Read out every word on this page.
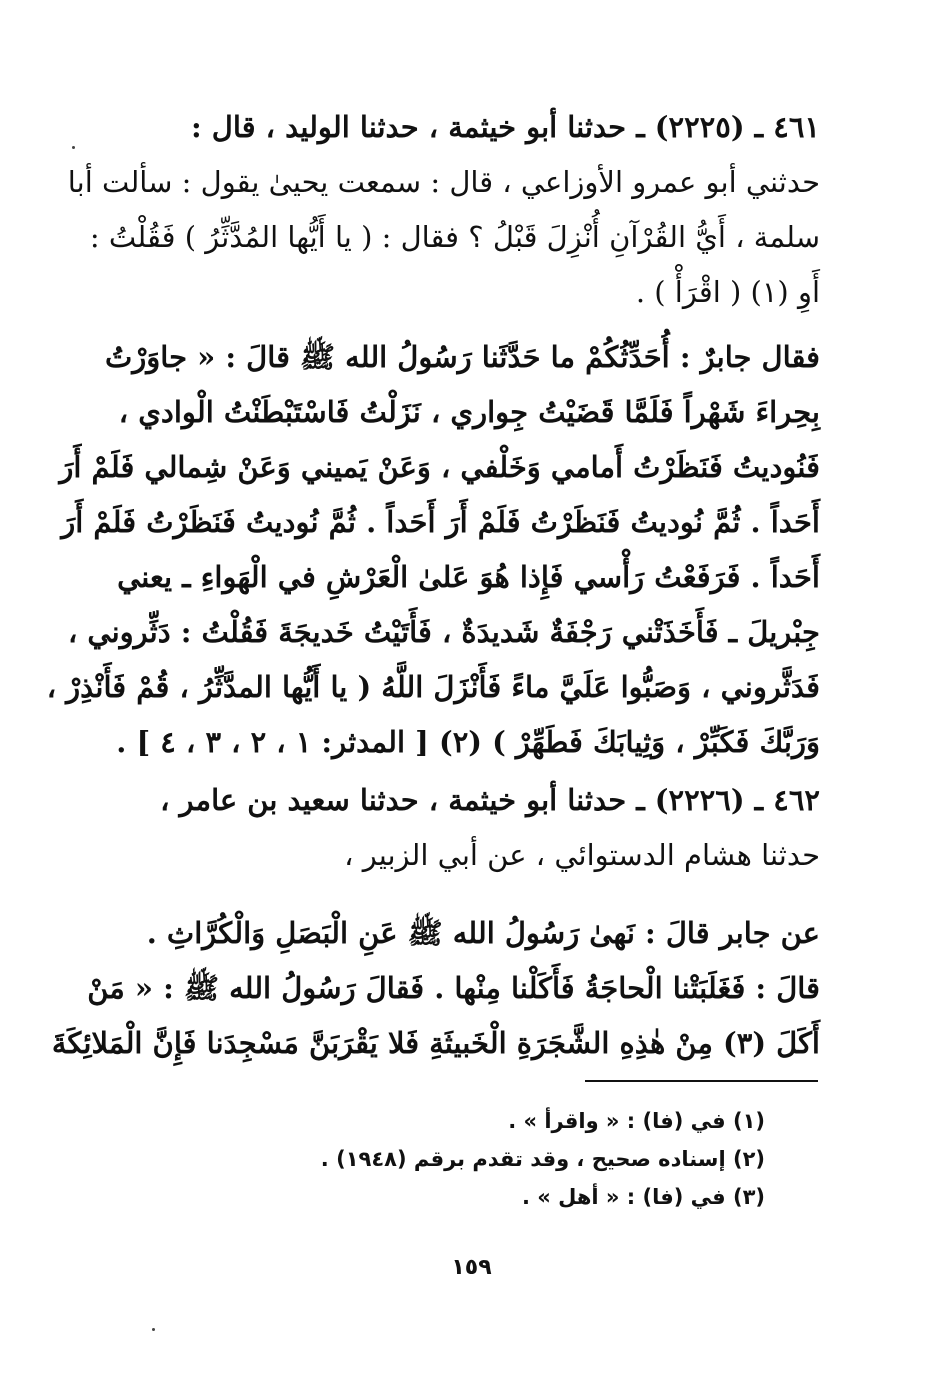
٤٦١ ـ (٢٢٢٥) ـ حدثنا أبو خيثمة ، حدثنا الوليد ، قال :
حدثني أبو عمرو الأوزاعي ، قال : سمعت يحيىٰ يقول : سألت أبا
سلمة ، أَيُّ القُرْآنِ أُنْزِلَ قَبْلُ ؟ فقال : ( يا أَيُّها المُدَّثِّرُ ) فَقُلْتُ :
أَوِ (١) ( اقْرَأْ ) .
فقال جابرٌ : أُحَدِّثُكُمْ ما حَدَّثَنا رَسُولُ الله ﷺ قالَ : « جاوَرْتُ
بِحِراءَ شَهْراً فَلَمَّا قَضَيْتُ جِواري ، نَزَلْتُ فَاسْتَبْطَنْتُ الْوادي ،
فَنُوديتُ فَنَظَرْتُ أَمامي وَخَلْفي ، وَعَنْ يَميني وَعَنْ شِمالي فَلَمْ أَرَ
أَحَداً . ثُمَّ نُوديتُ فَنَظَرْتُ فَلَمْ أَرَ أَحَداً . ثُمَّ نُوديتُ فَنَظَرْتُ فَلَمْ أَرَ
أَحَداً . فَرَفَعْتُ رَأْسي فَإِذا هُوَ عَلىٰ الْعَرْشِ في الْهَواءِ ـ يعني
جِبْريلَ ـ فَأَخَذَتْني رَجْفَةٌ شَديدَةٌ ، فَأَتَيْتُ خَديجَةَ فَقُلْتُ : دَثِّروني ،
فَدَثَّروني ، وَصَبُّوا عَلَيَّ ماءً فَأَنْزَلَ اللَّهُ ( يا أَيُّها المدَّثِّرُ ، قُمْ فَأَنْذِرْ ،
وَرَبَّكَ فَكَبِّرْ ، وَثِيابَكَ فَطَهِّرْ ) (٢) [ المدثر: ١ ، ٢ ، ٣ ، ٤ ] .
٤٦٢ ـ (٢٢٢٦) ـ حدثنا أبو خيثمة ، حدثنا سعيد بن عامر ،
حدثنا هشام الدستوائي ، عن أبي الزبير ،
عن جابر قالَ : نَهىٰ رَسُولُ الله ﷺ عَنِ الْبَصَلِ وَالْكُرَّاثِ .
قالَ : فَغَلَبَتْنا الْحاجَةُ فَأَكَلْنا مِنْها . فَقالَ رَسُولُ الله ﷺ : « مَنْ
أَكَلَ (٣) مِنْ هٰذِهِ الشَّجَرَةِ الْخَبيثَةِ فَلا يَقْرَبَنَّ مَسْجِدَنا فَإِنَّ الْمَلائِكَةَ
(١) في (فا) : « واقرأ » .
(٢) إسناده صحيح ، وقد تقدم برقم (١٩٤٨) .
(٣) في (فا) : « أهل » .
١٥٩
